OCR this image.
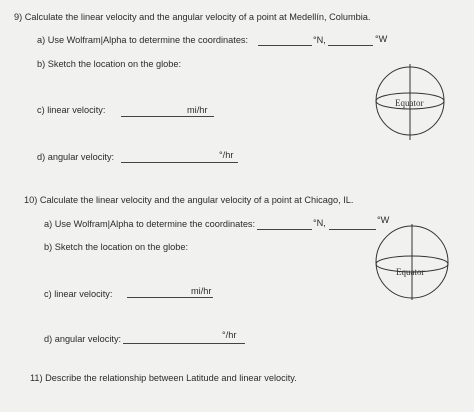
9) Calculate the linear velocity and the angular velocity of a point at Medellín, Columbia.
a) Use Wolfram|Alpha to determine the coordinates:	°N,	°W
b) Sketch the location on the globe:
c) linear velocity:	mi/hr
d) angular velocity:	°/hr
Equator
10) Calculate the linear velocity and the angular velocity of a point at Chicago, IL.
a) Use Wolfram|Alpha to determine the coordinates:	°N,	°W
b) Sketch the location on the globe:
c) linear velocity:	mi/hr
d) angular velocity:	°/hr
Equator
11) Describe the relationship between Latitude and linear velocity.
